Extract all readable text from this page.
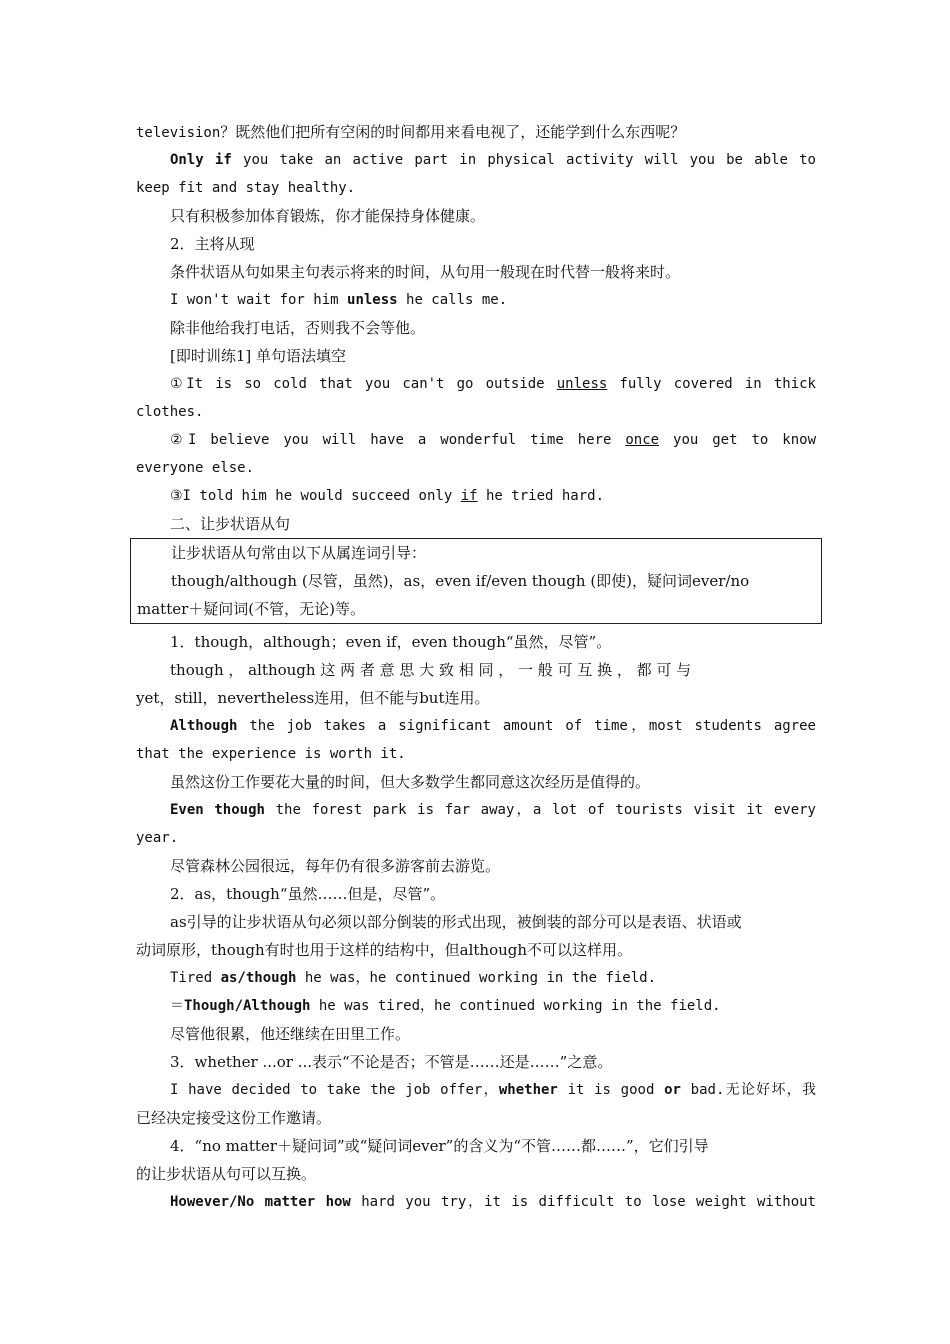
television？既然他们把所有空闲的时间都用来看电视了，还能学到什么东西呢？
Only if you take an active part in physical activity will you be able to
keep fit and stay healthy.
只有积极参加体育锻炼，你才能保持身体健康。
2．主将从现
条件状语从句如果主句表示将来的时间，从句用一般现在时代替一般将来时。
I won't wait for him unless he calls me.
除非他给我打电话，否则我不会等他。
[即时训练1] 单句语法填空
①It is so cold that you can't go outside unless fully covered in thick
clothes.
②I believe you will have a wonderful time here once you get to know
everyone else.
③I told him he would succeed only if he tried hard.
二、让步状语从句
让步状语从句常由以下从属连词引导：
though/although (尽管，虽然)，as，even if/even though (即使)，疑问词ever/no
matter＋疑问词(不管，无论)等。
1．though，although；even if，even though“虽然，尽管”。
though ， although 这 两 者 意 思 大 致 相 同 ， 一 般 可 互 换 ， 都 可 与
yet，still，nevertheless连用，但不能与but连用。
Although the job takes a significant amount of time，most students agree
that the experience is worth it.
虽然这份工作要花大量的时间，但大多数学生都同意这次经历是值得的。
Even though the forest park is far away，a lot of tourists visit it every
year.
尽管森林公园很远，每年仍有很多游客前去游览。
2．as，though“虽然……但是，尽管”。
as引导的让步状语从句必须以部分倒装的形式出现，被倒装的部分可以是表语、状语或
动词原形，though有时也用于这样的结构中，但although不可以这样用。
Tired as/though he was，he continued working in the field.
＝Though/Although he was tired，he continued working in the field.
尽管他很累，他还继续在田里工作。
3．whether ...or ...表示“不论是否；不管是……还是……”之意。
I have decided to take the job offer，whether it is good or bad.无论好坏，我
已经决定接受这份工作邀请。
4．“no matter＋疑问词”或“疑问词ever”的含义为“不管……都……”，它们引导
的让步状语从句可以互换。
However/No matter how hard you try，it is difficult to lose weight without
